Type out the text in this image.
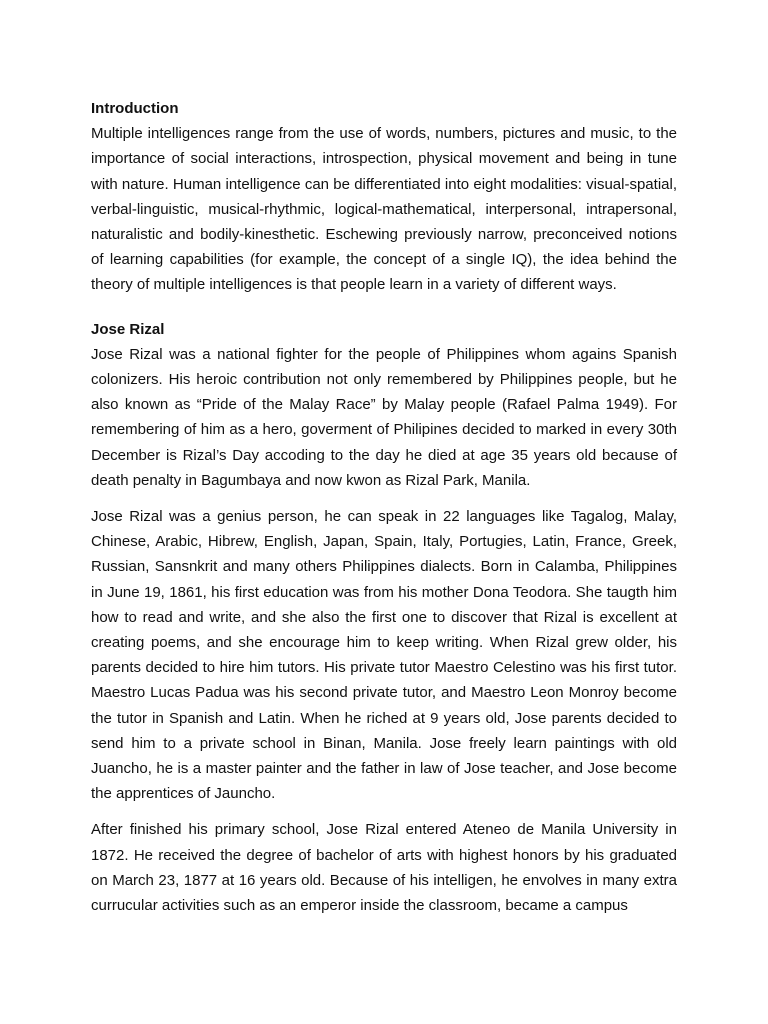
Introduction

Multiple intelligences range from the use of words, numbers, pictures and music, to the importance of social interactions, introspection, physical movement and being in tune with nature. Human intelligence can be differentiated into eight modalities: visual-spatial, verbal-linguistic, musical-rhythmic, logical-mathematical, interpersonal, intrapersonal, naturalistic and bodily-kinesthetic. Eschewing previously narrow, preconceived notions of learning capabilities (for example, the concept of a single IQ), the idea behind the theory of multiple intelligences is that people learn in a variety of different ways.

Jose Rizal

Jose Rizal was a national fighter for the people of Philippines whom agains Spanish colonizers. His heroic contribution not only remembered by Philippines people, but he also known as “Pride of the Malay Race” by Malay people (Rafael Palma 1949). For remembering of him as a hero, goverment of Philipines decided to marked in every 30th December is Rizal’s Day accoding to the day he died at age 35 years old because of death penalty in Bagumbaya and now kwon as Rizal Park, Manila.

Jose Rizal was a genius person, he can speak in 22 languages like Tagalog, Malay, Chinese, Arabic, Hibrew, English, Japan, Spain, Italy, Portugies, Latin, France, Greek, Russian, Sansnkrit and many others Philippines dialects. Born in Calamba, Philippines in June 19, 1861, his first education was from his mother Dona Teodora. She taugth him how to read and write, and she also the first one to discover that Rizal is excellent at creating poems, and she encourage him to keep writing. When Rizal grew older, his parents decided to hire him tutors. His private tutor Maestro Celestino was his first tutor. Maestro Lucas Padua was his second private tutor, and Maestro Leon Monroy become the tutor in Spanish and Latin. When he riched at 9 years old, Jose parents decided to send him to a private school in Binan, Manila. Jose freely learn paintings with old Juancho, he is a master painter and the father in law of Jose teacher, and Jose become the apprentices of Jauncho.

After finished his primary school, Jose Rizal entered Ateneo de Manila University in 1872. He received the degree of bachelor of arts with highest honors by his graduated on March 23, 1877 at 16 years old. Because of his intelligen, he envolves in many extra currucular activities such as an emperor inside the classroom, became a campus
